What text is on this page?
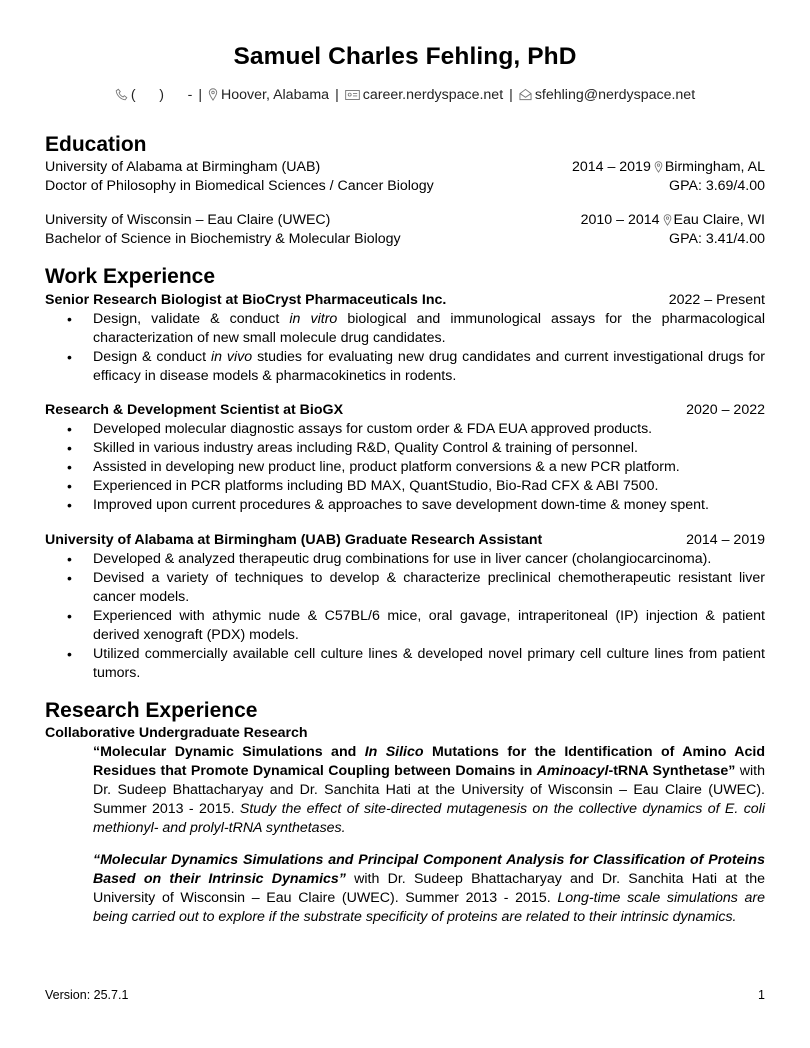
Samuel Charles Fehling, PhD
(      )      - | Hoover, Alabama | career.nerdyspace.net | sfehling@nerdyspace.net
Education
University of Alabama at Birmingham (UAB)	2014 – 2019 Birmingham, AL
Doctor of Philosophy in Biomedical Sciences / Cancer Biology	GPA: 3.69/4.00
University of Wisconsin – Eau Claire (UWEC)	2010 – 2014 Eau Claire, WI
Bachelor of Science in Biochemistry & Molecular Biology	GPA: 3.41/4.00
Work Experience
Senior Research Biologist at BioCryst Pharmaceuticals Inc.	2022 – Present
• Design, validate & conduct in vitro biological and immunological assays for the pharmacological characterization of new small molecule drug candidates.
• Design & conduct in vivo studies for evaluating new drug candidates and current investigational drugs for efficacy in disease models & pharmacokinetics in rodents.
Research & Development Scientist at BioGX	2020 – 2022
• Developed molecular diagnostic assays for custom order & FDA EUA approved products.
• Skilled in various industry areas including R&D, Quality Control & training of personnel.
• Assisted in developing new product line, product platform conversions & a new PCR platform.
• Experienced in PCR platforms including BD MAX, QuantStudio, Bio-Rad CFX & ABI 7500.
• Improved upon current procedures & approaches to save development down-time & money spent.
University of Alabama at Birmingham (UAB) Graduate Research Assistant	2014 – 2019
• Developed & analyzed therapeutic drug combinations for use in liver cancer (cholangiocarcinoma).
• Devised a variety of techniques to develop & characterize preclinical chemotherapeutic resistant liver cancer models.
• Experienced with athymic nude & C57BL/6 mice, oral gavage, intraperitoneal (IP) injection & patient derived xenograft (PDX) models.
• Utilized commercially available cell culture lines & developed novel primary cell culture lines from patient tumors.
Research Experience
Collaborative Undergraduate Research
“Molecular Dynamic Simulations and In Silico Mutations for the Identification of Amino Acid Residues that Promote Dynamical Coupling between Domains in Aminoacyl-tRNA Synthetase” with Dr. Sudeep Bhattacharyay and Dr. Sanchita Hati at the University of Wisconsin – Eau Claire (UWEC). Summer 2013 - 2015. Study the effect of site-directed mutagenesis on the collective dynamics of E. coli methionyl- and prolyl-tRNA synthetases.
“Molecular Dynamics Simulations and Principal Component Analysis for Classification of Proteins Based on their Intrinsic Dynamics” with Dr. Sudeep Bhattacharyay and Dr. Sanchita Hati at the University of Wisconsin – Eau Claire (UWEC). Summer 2013 - 2015. Long-time scale simulations are being carried out to explore if the substrate specificity of proteins are related to their intrinsic dynamics.
Version: 25.7.1	1
